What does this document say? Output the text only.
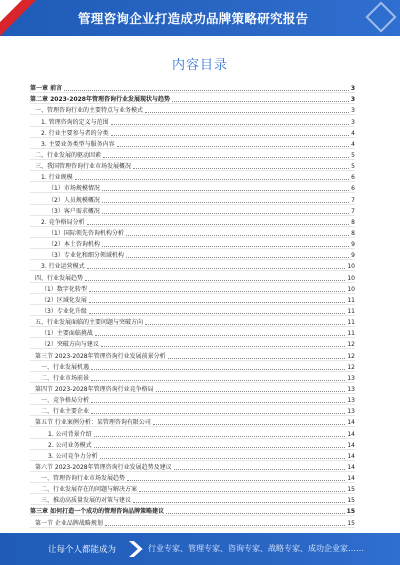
管理咨询企业打造成功品牌策略研究报告
内容目录
第一章 前言	3
第二章 2023-2028年管理咨询行业发展现状与趋势	3
一、管理咨询行业的主要特点与业务模式	3
1. 管理咨询的定义与范围	3
2. 行业主要参与者的分类	4
3. 主要业务类型与服务内容	4
二、行业发展的驱动因素	5
三、我国管理咨询行业市场发展概况	5
1. 行业规模	6
（1）市场规模情况	6
（2）人员规模概况	7
（3）客户需求概况	7
2. 竞争格局分析	8
（1）国际领先咨询机构分析	8
（2）本土咨询机构	9
（3）专业化和细分领域机构	9
3. 行业运营模式	10
四、行业发展趋势	10
（1）数字化转型	10
（2）区域化发展	11
（3）专业化升级	11
五、行业发展面临的主要问题与突破方向	11
（1）主要面临挑战	11
（2）突破方向与建议	12
第三节 2023-2028年管理咨询行业发展前景分析	12
一、行业发展机遇	12
二、行业市场前景	13
第四节 2023-2028年管理咨询行业竞争格局	13
一、竞争格局分析	13
二、行业主要企业	13
第五节 行业案例分析：某管理咨询有限公司	14
1. 公司背景介绍	14
2. 公司业务模式	14
3. 公司竞争力分析	14
第六节 2023-2028年管理咨询行业发展趋势及建议	14
一、管理咨询行业市场发展趋势	14
二、行业发展存在的问题与解决方案	15
三、推动高质量发展的对策与建议	15
第三章 如何打造一个成功的管理咨询品牌策略建议	15
第一节 企业品牌战略规划	15
让每个人都能成为	行业专家、管理专家、咨询专家、战略专家、成功企业家……
